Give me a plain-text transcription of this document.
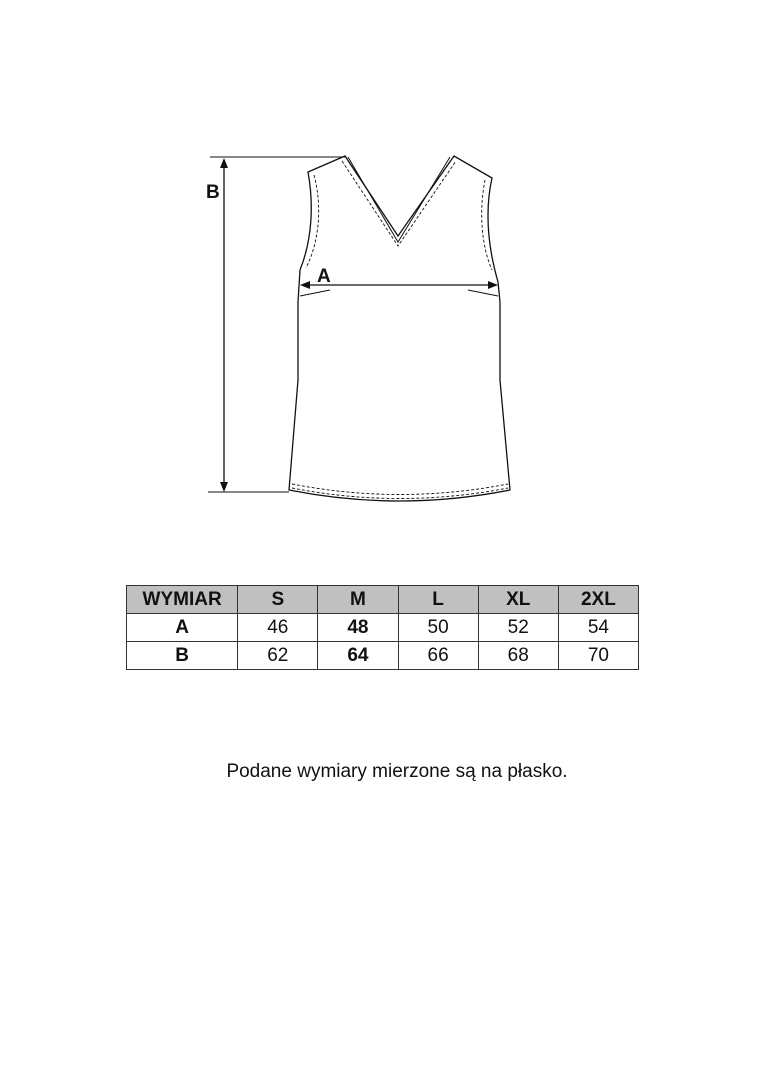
A
B
WYMIAR	S	M	L	XL	2XL
A	46	48	50	52	54
B	62	64	66	68	70
Podane wymiary mierzone są na płasko.
